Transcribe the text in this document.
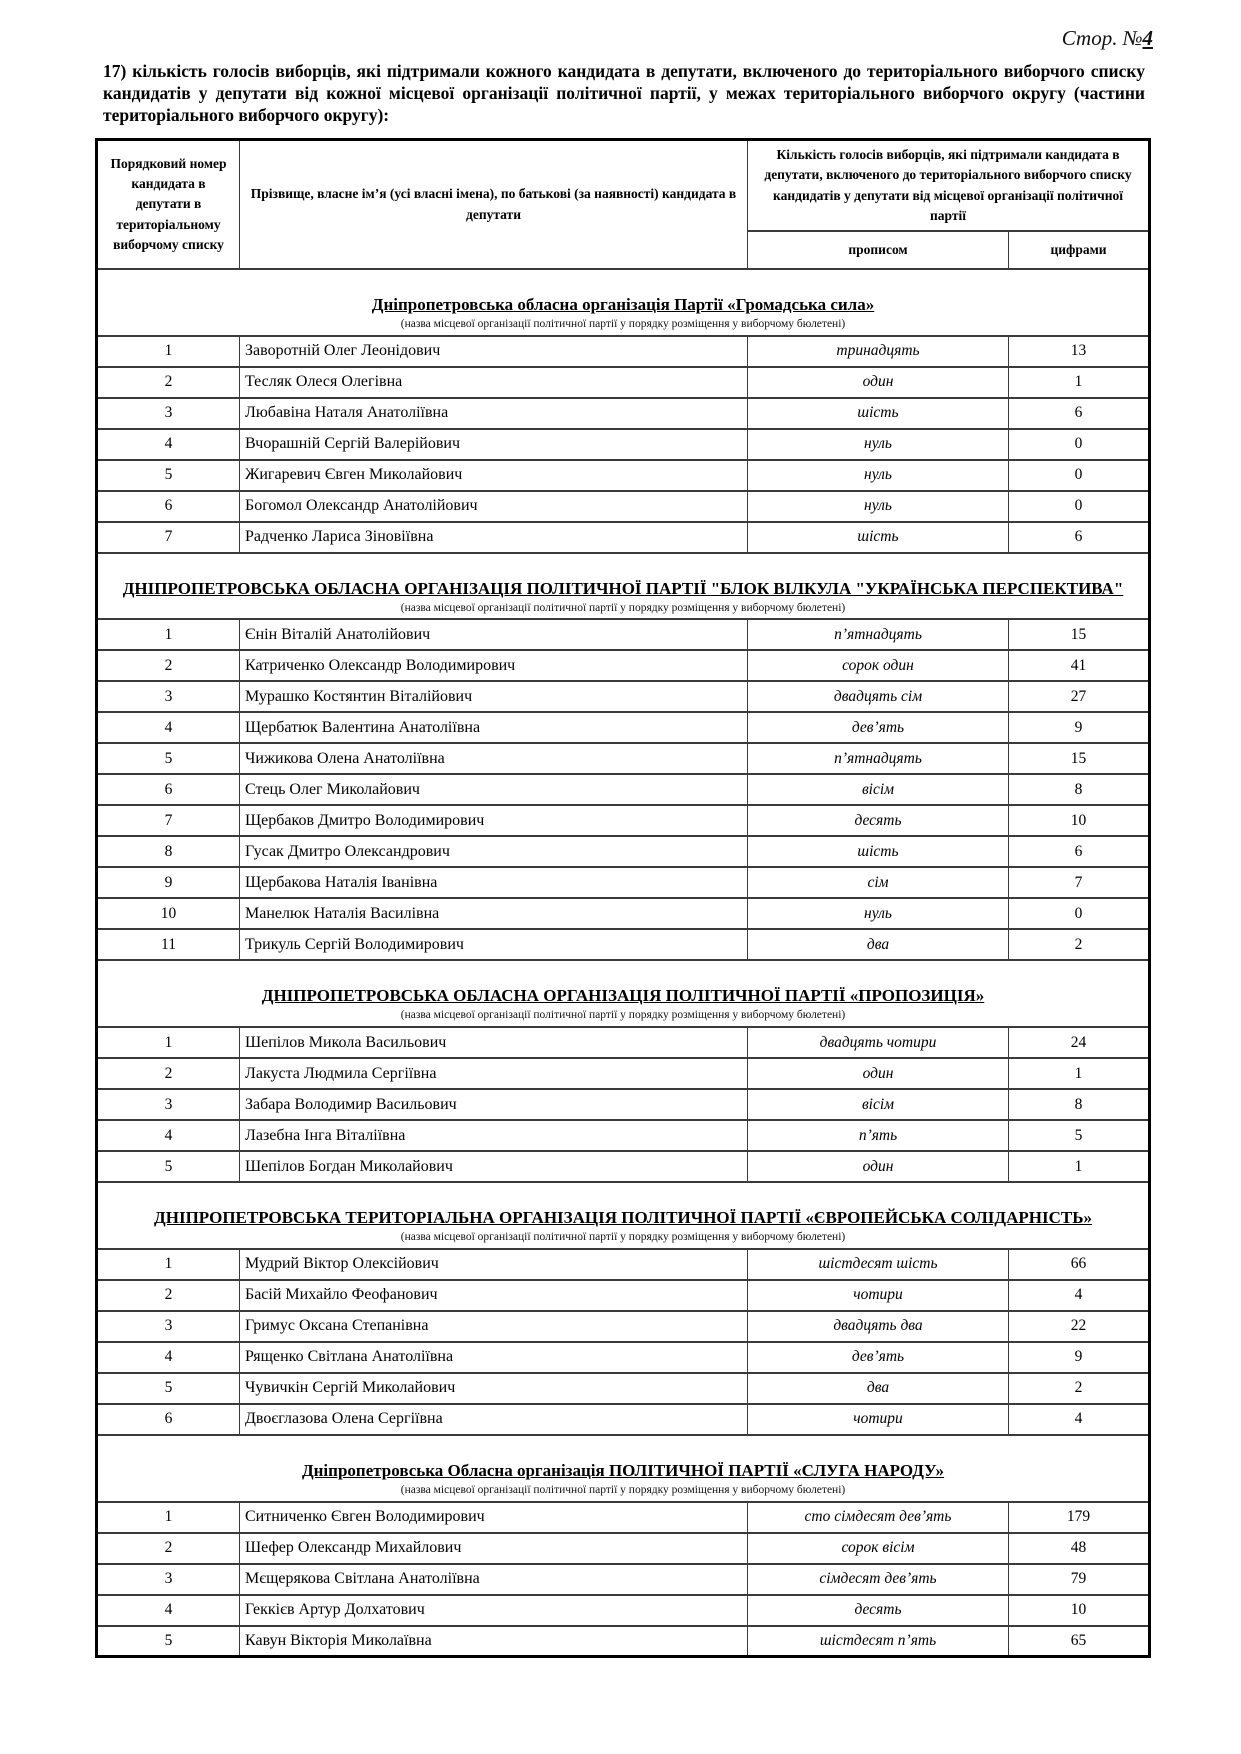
Стор. №4

17) кількість голосів виборців, які підтримали кожного кандидата в депутати, включеного до територіального виборчого списку кандидатів у депутати від кожної місцевої організації політичної партії, у межах територіального виборчого округу (частини територіального виборчого округу):

Порядковий номер кандидата в депутати в територіальному виборчому списку	Прізвище, власне ім’я (усі власні імена), по батькові (за наявності) кандидата в депутати	Кількість голосів виборців, які підтримали кандидата в депутати, включеного до територіального виборчого списку кандидатів у депутати від місцевої організації політичної партії	
		прописом	цифрами

Дніпропетровська обласна організація Партії «Громадська сила»
(назва місцевої організації політичної партії у порядку розміщення у виборчому бюлетені)			

1	Заворотній Олег Леонідович	тринадцять	13
2	Тесляк Олеся Олегівна	один	1
3	Любавіна Наталя Анатоліївна	шість	6
4	Вчорашній Сергій Валерійович	нуль	0
5	Жигаревич Євген Миколайович	нуль	0
6	Богомол Олександр Анатолійович	нуль	0
7	Радченко Лариса Зіновіївна	шість	6

ДНІПРОПЕТРОВСЬКА ОБЛАСНА ОРГАНІЗАЦІЯ ПОЛІТИЧНОЇ ПАРТІЇ "БЛОК ВІЛКУЛА "УКРАЇНСЬКА ПЕРСПЕКТИВА"
(назва місцевої організації політичної партії у порядку розміщення у виборчому бюлетені)			

1	Єнін Віталій Анатолійович	п’ятнадцять	15
2	Катриченко Олександр Володимирович	сорок один	41
3	Мурашко Костянтин Віталійович	двадцять сім	27
4	Щербатюк Валентина Анатоліївна	дев’ять	9
5	Чижикова Олена Анатоліївна	п’ятнадцять	15
6	Стець Олег Миколайович	вісім	8
7	Щербаков Дмитро Володимирович	десять	10
8	Гусак Дмитро Олександрович	шість	6
9	Щербакова Наталія Іванівна	сім	7
10	Манелюк Наталія Василівна	нуль	0
11	Трикуль Сергій Володимирович	два	2

ДНІПРОПЕТРОВСЬКА ОБЛАСНА ОРГАНІЗАЦІЯ ПОЛІТИЧНОЇ ПАРТІЇ «ПРОПОЗИЦІЯ»
(назва місцевої організації політичної партії у порядку розміщення у виборчому бюлетені)			

1	Шепілов Микола Васильович	двадцять чотири	24
2	Лакуста Людмила Сергіївна	один	1
3	Забара Володимир Васильович	вісім	8
4	Лазебна Інга Віталіївна	п’ять	5
5	Шепілов Богдан Миколайович	один	1

ДНІПРОПЕТРОВСЬКА ТЕРИТОРІАЛЬНА ОРГАНІЗАЦІЯ ПОЛІТИЧНОЇ ПАРТІЇ «ЄВРОПЕЙСЬКА СОЛІДАРНІСТЬ»
(назва місцевої організації політичної партії у порядку розміщення у виборчому бюлетені)			

1	Мудрий Віктор Олексійович	шістдесят шість	66
2	Басій Михайло Феофанович	чотири	4
3	Гримус Оксана Степанівна	двадцять два	22
4	Рященко Світлана Анатоліївна	дев’ять	9
5	Чувичкін Сергій Миколайович	два	2
6	Двоєглазова Олена Сергіївна	чотири	4

Дніпропетровська Обласна організація ПОЛІТИЧНОЇ ПАРТІЇ «СЛУГА НАРОДУ»
(назва місцевої організації політичної партії у порядку розміщення у виборчому бюлетені)			

1	Ситниченко Євген Володимирович	сто сімдесят дев’ять	179
2	Шефер Олександр Михайлович	сорок вісім	48
3	Мєщерякова Світлана Анатоліївна	сімдесят дев’ять	79
4	Геккієв Артур Долхатович	десять	10
5	Кавун Вікторія Миколаївна	шістдесят п’ять	65
